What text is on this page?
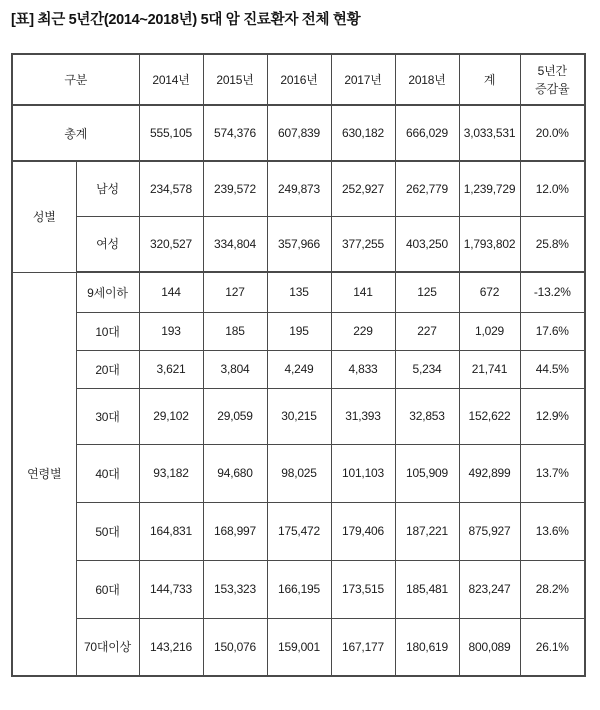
[표] 최근 5년간(2014~2018년) 5대 암 진료환자 전체 현황
구분		2014년	2015년	2016년	2017년	2018년	계	5년간
증감율

총계		555,105	574,376	607,839	630,182	666,029	3,033,531	20.0%
성별	남성	234,578	239,572	249,873	252,927	262,779	1,239,729	12.0%
	여성	320,527	334,804	357,966	377,255	403,250	1,793,802	25.8%
연령별	9세이하	144	127	135	141	125	672	-13.2%
	10대	193	185	195	229	227	1,029	17.6%
	20대	3,621	3,804	4,249	4,833	5,234	21,741	44.5%
	30대	29,102	29,059	30,215	31,393	32,853	152,622	12.9%
	40대	93,182	94,680	98,025	101,103	105,909	492,899	13.7%
	50대	164,831	168,997	175,472	179,406	187,221	875,927	13.6%
	60대	144,733	153,323	166,195	173,515	185,481	823,247	28.2%
	70대이상	143,216	150,076	159,001	167,177	180,619	800,089	26.1%
